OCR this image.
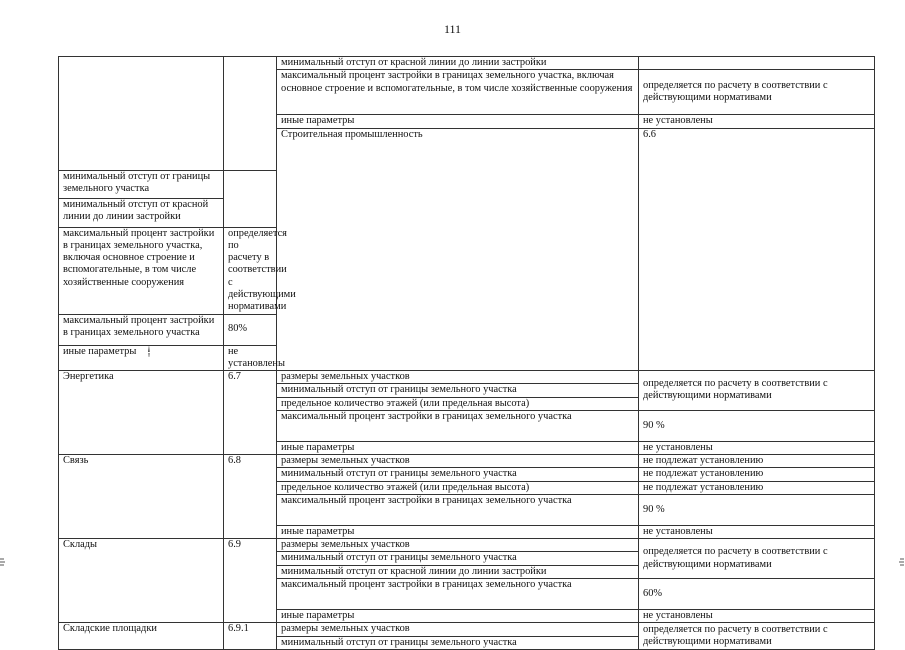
111
		минимальный отступ от красной линии до линии застройки		
		максимальный процент застройки в границах земельного участка, включая основное строение и вспомогательные, в том числе хозяйственные сооружения	определяется по расчету в соответствии с действующими нормативами	
		иные параметры	не установлены	
		Строительная промышленность	6.6		
минимальный отступ от границы земельного участка				
минимальный отступ от красной линии до линии застройки				
максимальный процент застройки в границах земельного участка, включая основное строение и вспомогательные, в том числе хозяйственные сооружения	определяется по расчету в соответствии с действующими нормативами			
максимальный процент застройки в границах земельного участка	80%			
иные параметры	не установлены			
Энергетика	6.7	размеры земельных участков	определяется по расчету в соответствии с действующими нормативами	
		минимальный отступ от границы земельного участка		
		предельное количество этажей (или предельная высота)		
		максимальный процент застройки в границах земельного участка	90 %	
		иные параметры	не установлены	
Связь	6.8	размеры земельных участков	не подлежат установлению	
		минимальный отступ от границы земельного участка	не подлежат установлению	
		предельное количество этажей (или предельная высота)	не подлежат установлению	
		максимальный процент застройки в границах земельного участка	90 %	
		иные параметры	не установлены	
Склады	6.9	размеры земельных участков	определяется по расчету в соответствии с действующими нормативами	
		минимальный отступ от границы земельного участка		
		минимальный отступ от красной линии до линии застройки		
		максимальный процент застройки в границах земельного участка	60%	
		иные параметры	не установлены	
Складские площадки	6.9.1	размеры земельных участков	определяется по расчету в соответствии с действующими нормативами	
		минимальный отступ от границы земельного участка		
